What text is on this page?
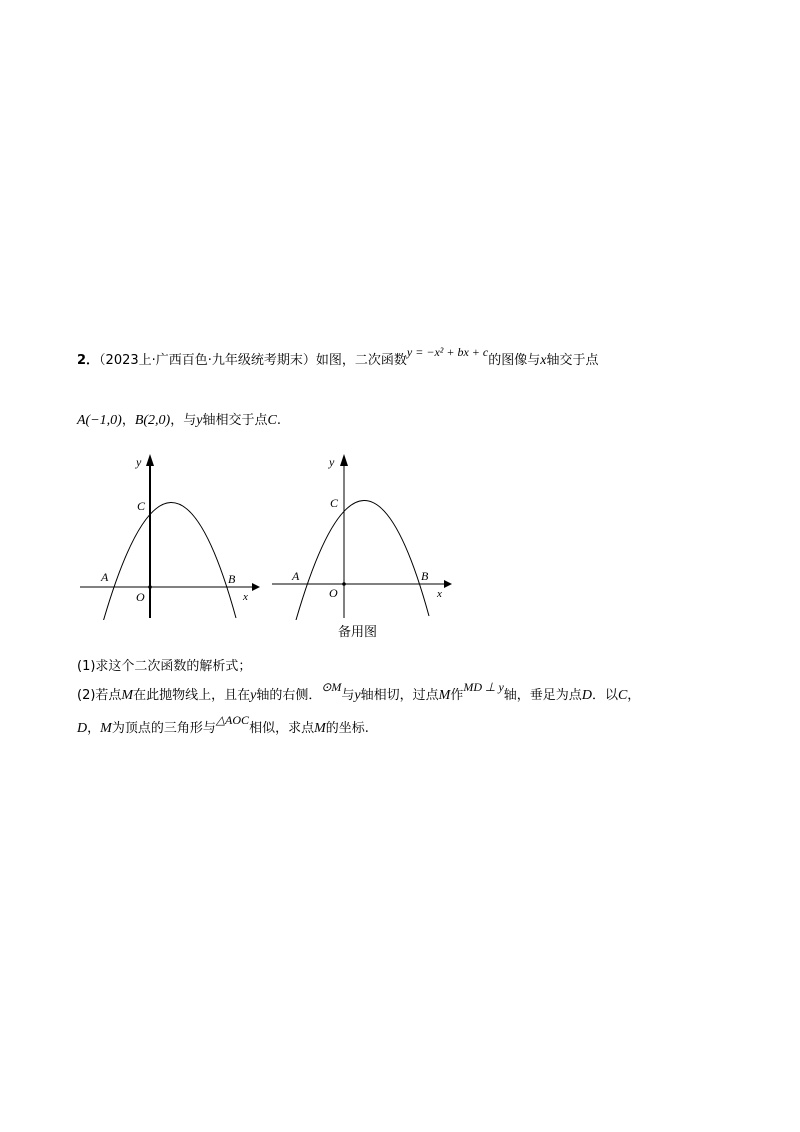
2．（2023上·广西百色·九年级统考期末）如图，二次函数y = −x² + bx + c的图像与x轴交于点
A(−1,0)，B(2,0)，与y轴相交于点C.
y
C
A	B
O	x
y
C
A	B
O	x
备用图
(1)求这个二次函数的解析式；
(2)若点M在此抛物线上，且在y轴的右侧．⊙M与y轴相切，过点M作MD ⊥ y轴，垂足为点D．以C，
D，M为顶点的三角形与△AOC相似，求点M的坐标.
